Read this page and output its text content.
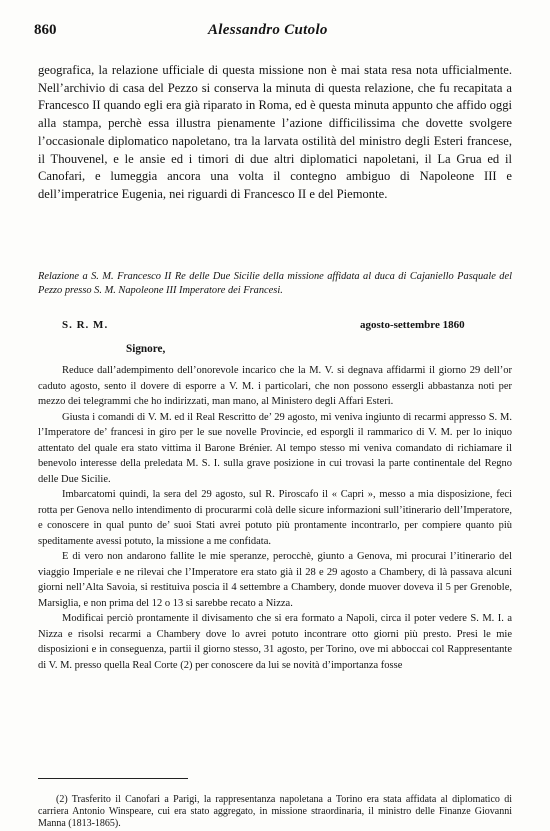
860	Alessandro Cutolo

geografica, la relazione ufficiale di questa missione non è mai stata resa nota ufficialmente. Nell’archivio di casa del Pezzo si conserva la minuta di questa relazione, che fu recapitata a Francesco II quando egli era già riparato in Roma, ed è questa minuta appunto che affido oggi alla stampa, perchè essa illustra pienamente l’azione difficilissima che dovette svolgere l’occasionale diplomatico napoletano, tra la larvata ostilità del ministro degli Esteri francese, il Thouvenel, e le ansie ed i timori di due altri diplomatici napoletani, il La Grua ed il Canofari, e lumeggia ancora una volta il contegno ambiguo di Napoleone III e dell’imperatrice Eugenia, nei riguardi di Francesco II e del Piemonte.

Relazione a S. M. Francesco II Re delle Due Sicilie della missione affidata al duca di Cajaniello Pasquale del Pezzo presso S. M. Napoleone III Imperatore dei Francesi.

S. R. M.	agosto-settembre 1860
Signore,

Reduce dall’adempimento dell’onorevole incarico che la M. V. si degnava affidarmi il giorno 29 dell’or caduto agosto, sento il dovere di esporre a V. M. i particolari, che non possono essergli abbastanza noti per mezzo dei telegrammi che ho indirizzati, man mano, al Ministero degli Affari Esteri.

Giusta i comandi di V. M. ed il Real Rescritto de’ 29 agosto, mi veniva ingiunto di recarmi appresso S. M. l’Imperatore de’ francesi in giro per le sue novelle Provincie, ed esporgli il rammarico di V. M. per lo iniquo attentato del quale era stato vittima il Barone Brénier. Al tempo stesso mi veniva comandato di richiamare il benevolo interesse della preledata M. S. I. sulla grave posizione in cui trovasi la parte continentale del Regno delle Due Sicilie.

Imbarcatomi quindi, la sera del 29 agosto, sul R. Piroscafo il « Capri », messo a mia disposizione, feci rotta per Genova nello intendimento di procurarmi colà delle sicure informazioni sull’itinerario dell’Imperatore, e conoscere in qual punto de’ suoi Stati avrei potuto più prontamente incontrarlo, per compiere quanto più speditamente avessi potuto, la missione a me confidata.

E di vero non andarono fallite le mie speranze, perocchè, giunto a Genova, mi procurai l’itinerario del viaggio Imperiale e ne rilevai che l’Imperatore era stato già il 28 e 29 agosto a Chambery, di là passava alcuni giorni nell’Alta Savoia, si restituiva poscia il 4 settembre a Chambery, donde muover doveva il 5 per Grenoble, Marsiglia, e non prima del 12 o 13 si sarebbe recato a Nizza.

Modificai perciò prontamente il divisamento che si era formato a Napoli, circa il poter vedere S. M. I. a Nizza e risolsi recarmi a Chambery dove lo avrei potuto incontrare otto giorni più presto. Presi le mie disposizioni e in conseguenza, partii il giorno stesso, 31 agosto, per Torino, ove mi abboccai col Rappresentante di V. M. presso quella Real Corte (2) per conoscere da lui se novità d’importanza fosse

(2) Trasferito il Canofari a Parigi, la rappresentanza napoletana a Torino era stata affidata al diplomatico di carriera Antonio Winspeare, cui era stato aggregato, in missione straordinaria, il ministro delle Finanze Giovanni Manna (1813-1865).
